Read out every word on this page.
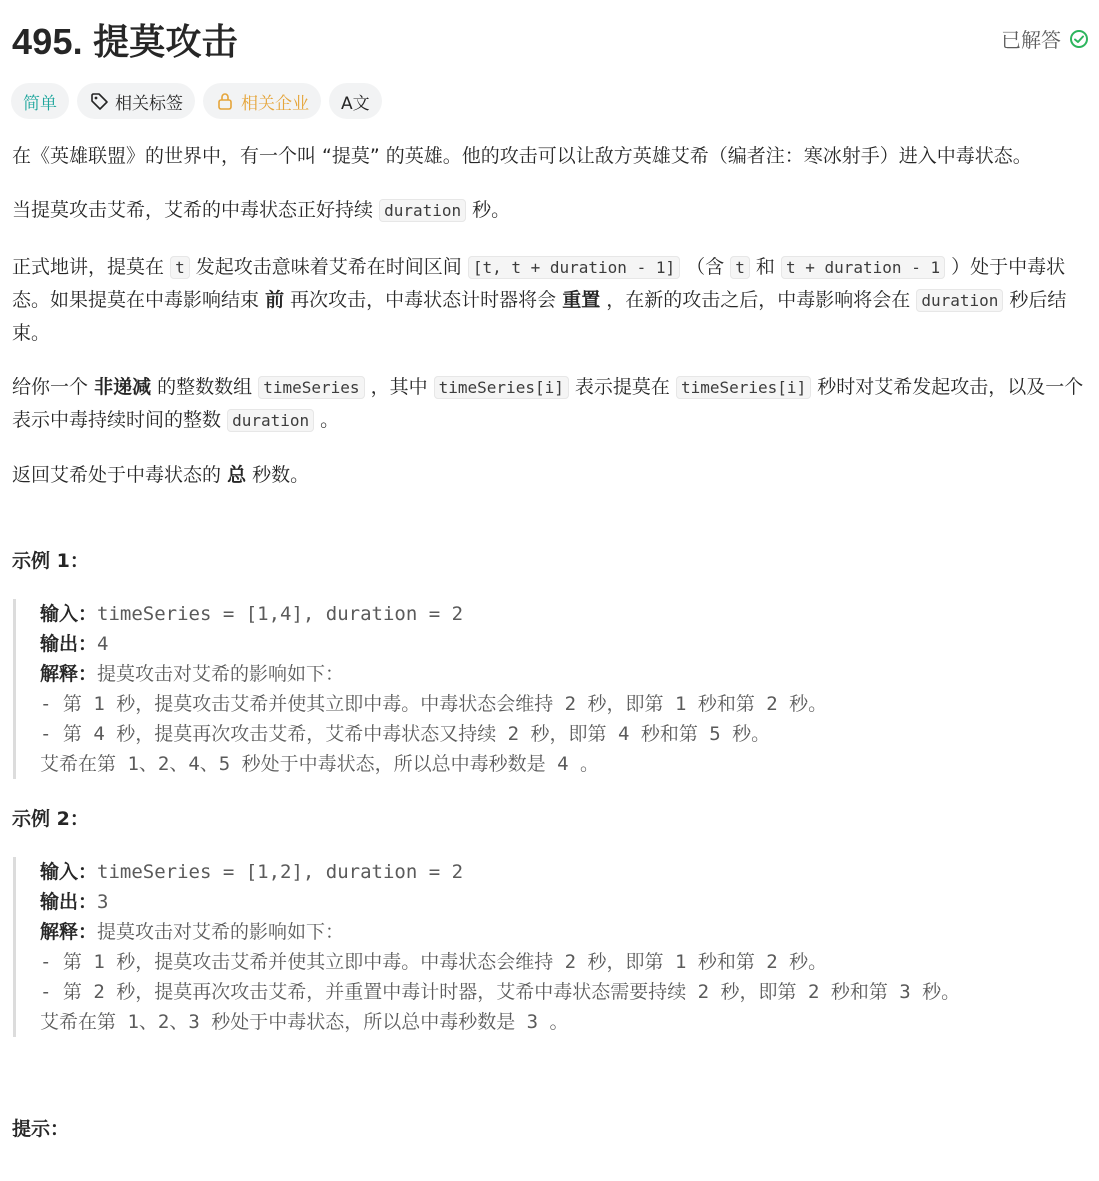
495. 提莫攻击	已解答
简单	相关标签	相关企业	A文

在《英雄联盟》的世界中，有一个叫 “提莫” 的英雄。他的攻击可以让敌方英雄艾希（编者注：寒冰射手）进入中毒状态。

当提莫攻击艾希，艾希的中毒状态正好持续 duration 秒。

正式地讲，提莫在 t 发起攻击意味着艾希在时间区间 [t, t + duration - 1] （含 t 和 t + duration - 1 ）处于中毒状态。如果提莫在中毒影响结束 前 再次攻击，中毒状态计时器将会 重置 ，在新的攻击之后，中毒影响将会在 duration 秒后结束。

给你一个 非递减 的整数数组 timeSeries ，其中 timeSeries[i] 表示提莫在 timeSeries[i] 秒时对艾希发起攻击，以及一个表示中毒持续时间的整数 duration 。

返回艾希处于中毒状态的 总 秒数。

示例 1：
输入：timeSeries = [1,4], duration = 2
输出：4
解释：提莫攻击对艾希的影响如下：
- 第 1 秒，提莫攻击艾希并使其立即中毒。中毒状态会维持 2 秒，即第 1 秒和第 2 秒。
- 第 4 秒，提莫再次攻击艾希，艾希中毒状态又持续 2 秒，即第 4 秒和第 5 秒。
艾希在第 1、2、4、5 秒处于中毒状态，所以总中毒秒数是 4 。
示例 2：
输入：timeSeries = [1,2], duration = 2
输出：3
解释：提莫攻击对艾希的影响如下：
- 第 1 秒，提莫攻击艾希并使其立即中毒。中毒状态会维持 2 秒，即第 1 秒和第 2 秒。
- 第 2 秒，提莫再次攻击艾希，并重置中毒计时器，艾希中毒状态需要持续 2 秒，即第 2 秒和第 3 秒。
艾希在第 1、2、3 秒处于中毒状态，所以总中毒秒数是 3 。
提示：
